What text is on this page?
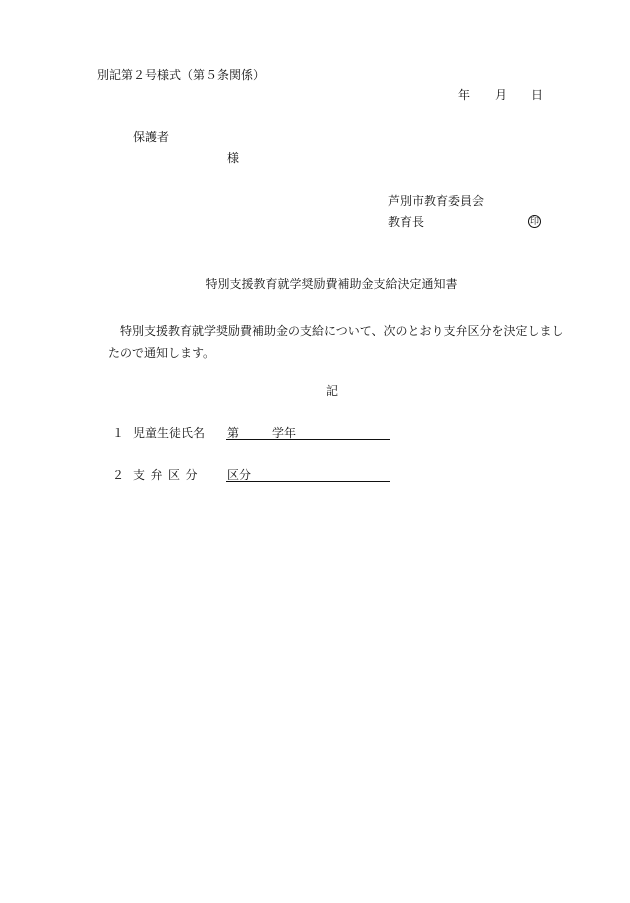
別記第２号様式（第５条関係）
年 月 日
保護者
様
芦別市教育委員会
教育長	印
特別支援教育就学奨励費補助金支給決定通知書
特別支援教育就学奨励費補助金の支給について、次のとおり支弁区分を決定しましたので通知します。
記
１ 児童生徒氏名 第	学年
２ 支弁区分 区分
